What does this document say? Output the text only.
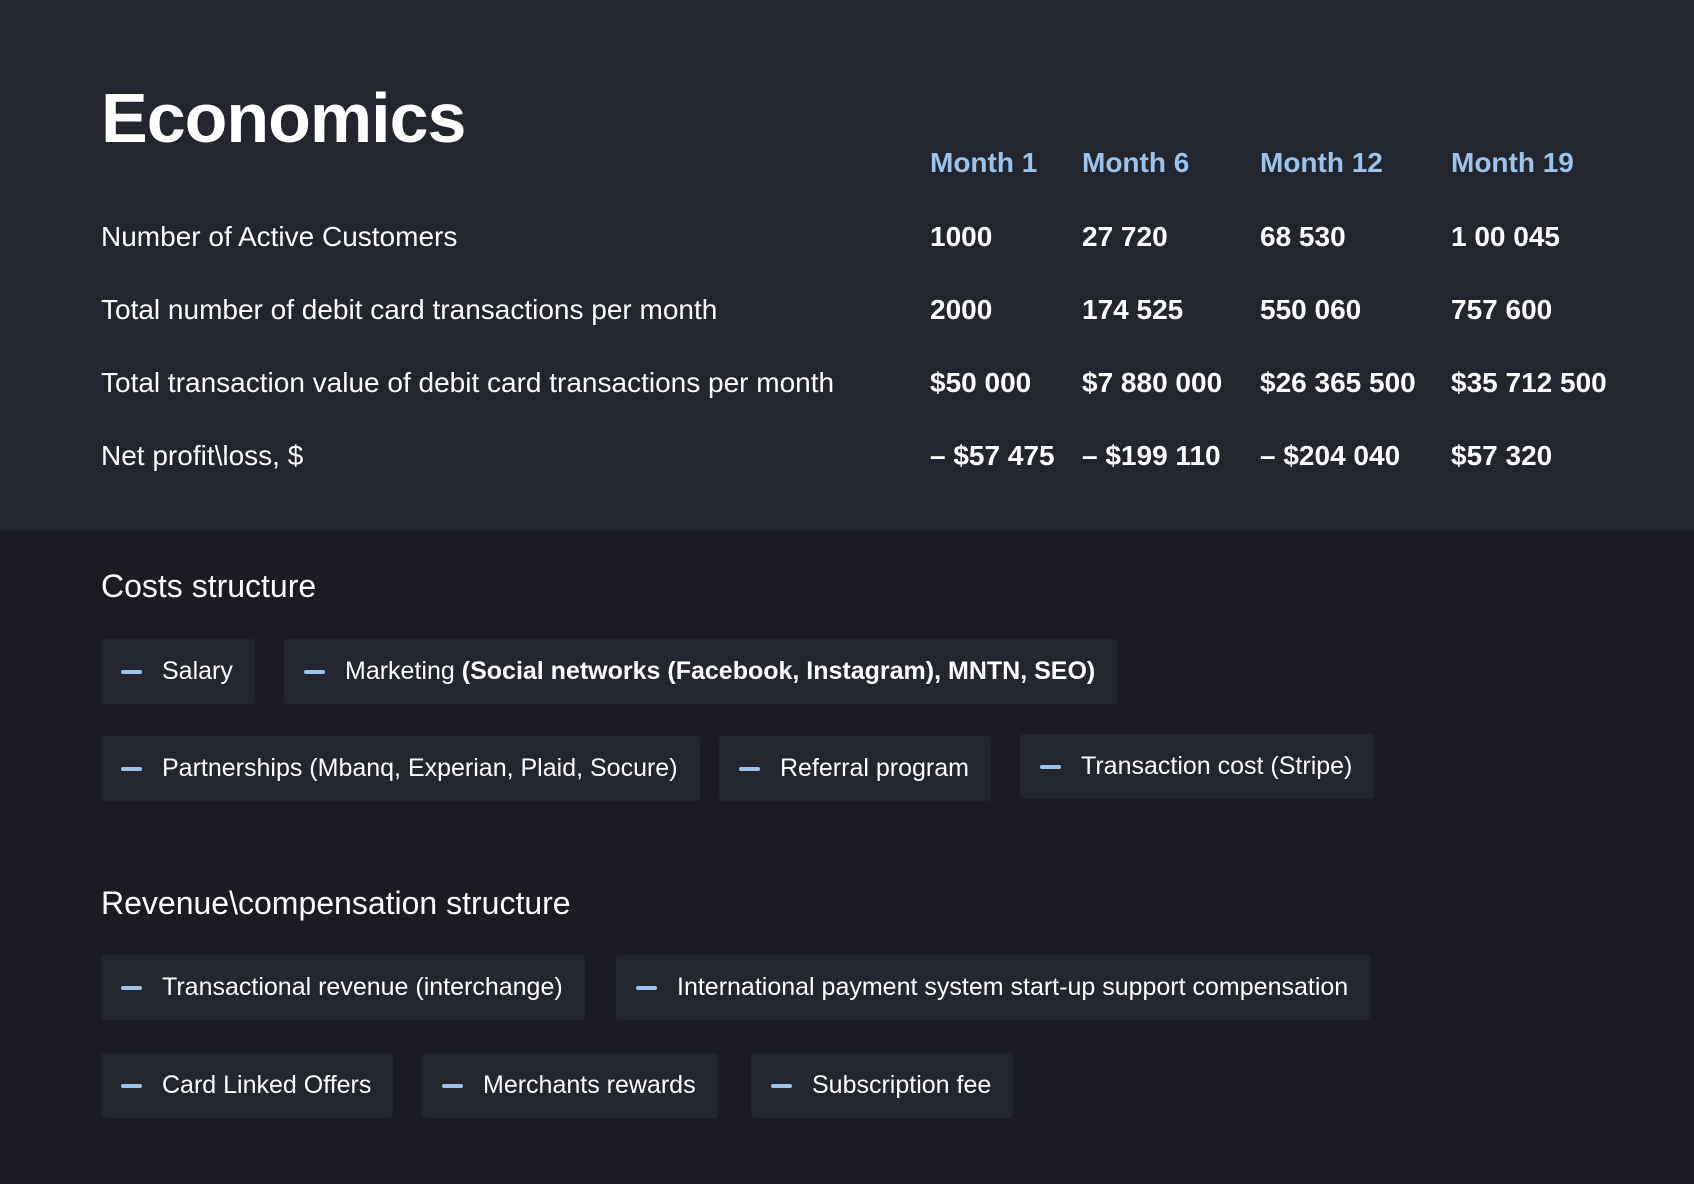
Economics
Month 1 Month 6	Month 12 Month 19
Number of Active Customers	1000	27 720	68 530	1 00 045
Total number of debit card transactions per month	2000	174 525	550 060	757 600
Total transaction value of debit card transactions per month	$50 000 $7 880 000 $26 365 500 $35 712 500
Net profit\loss, $	– $57 475 – $199 110 – $204 040 $57 320
Costs structure
Salary	Marketing (Social networks (Facebook, Instagram), MNTN, SEO)
Partnerships (Mbanq, Experian, Plaid, Socure)	Referral program	Transaction cost (Stripe)
Revenue\compensation structure
Transactional revenue (interchange)	International payment system start-up support compensation
Card Linked Offers	Merchants rewards	Subscription fee
